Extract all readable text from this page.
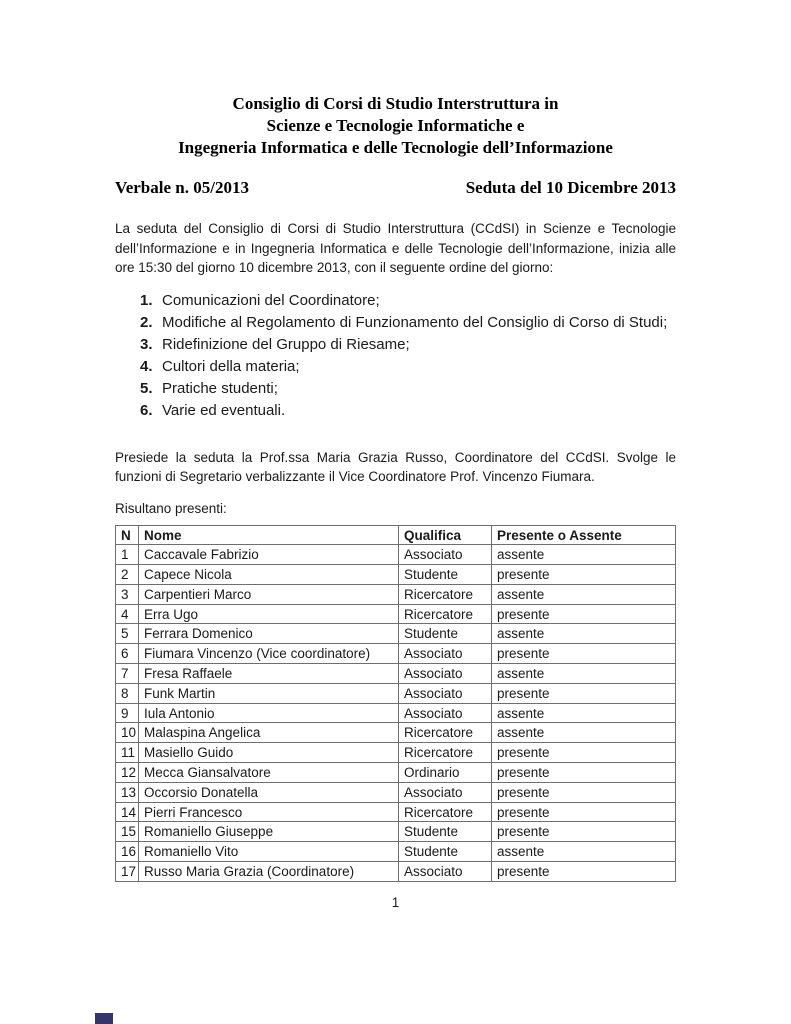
Consiglio di Corsi di Studio Interstruttura in
Scienze e Tecnologie Informatiche e
Ingegneria Informatica e delle Tecnologie dell’Informazione
Verbale n. 05/2013	Seduta del 10 Dicembre 2013

La seduta del Consiglio di Corsi di Studio Interstruttura (CCdSI) in Scienze e Tecnologie dell’Informazione e in Ingegneria Informatica e delle Tecnologie dell’Informazione, inizia alle ore 15:30 del giorno 10 dicembre 2013, con il seguente ordine del giorno:

1. Comunicazioni del Coordinatore;
2. Modifiche al Regolamento di Funzionamento del Consiglio di Corso di Studi;
3. Ridefinizione del Gruppo di Riesame;
4. Cultori della materia;
5. Pratiche studenti;
6. Varie ed eventuali.

Presiede la seduta la Prof.ssa Maria Grazia Russo, Coordinatore del CCdSI. Svolge le funzioni di Segretario verbalizzante il Vice Coordinatore Prof. Vincenzo Fiumara.

Risultano presenti:

N	Nome	Qualifica	Presente o Assente
1	Caccavale Fabrizio	Associato	assente
2	Capece Nicola	Studente	presente
3	Carpentieri Marco	Ricercatore	assente
4	Erra Ugo	Ricercatore	presente
5	Ferrara Domenico	Studente	assente
6	Fiumara Vincenzo (Vice coordinatore)	Associato	presente
7	Fresa Raffaele	Associato	assente
8	Funk Martin	Associato	presente
9	Iula Antonio	Associato	assente
10	Malaspina Angelica	Ricercatore	assente
11	Masiello Guido	Ricercatore	presente
12	Mecca Giansalvatore	Ordinario	presente
13	Occorsio Donatella	Associato	presente
14	Pierri Francesco	Ricercatore	presente
15	Romaniello Giuseppe	Studente	presente
16	Romaniello Vito	Studente	assente
17	Russo Maria Grazia (Coordinatore)	Associato	presente
1
